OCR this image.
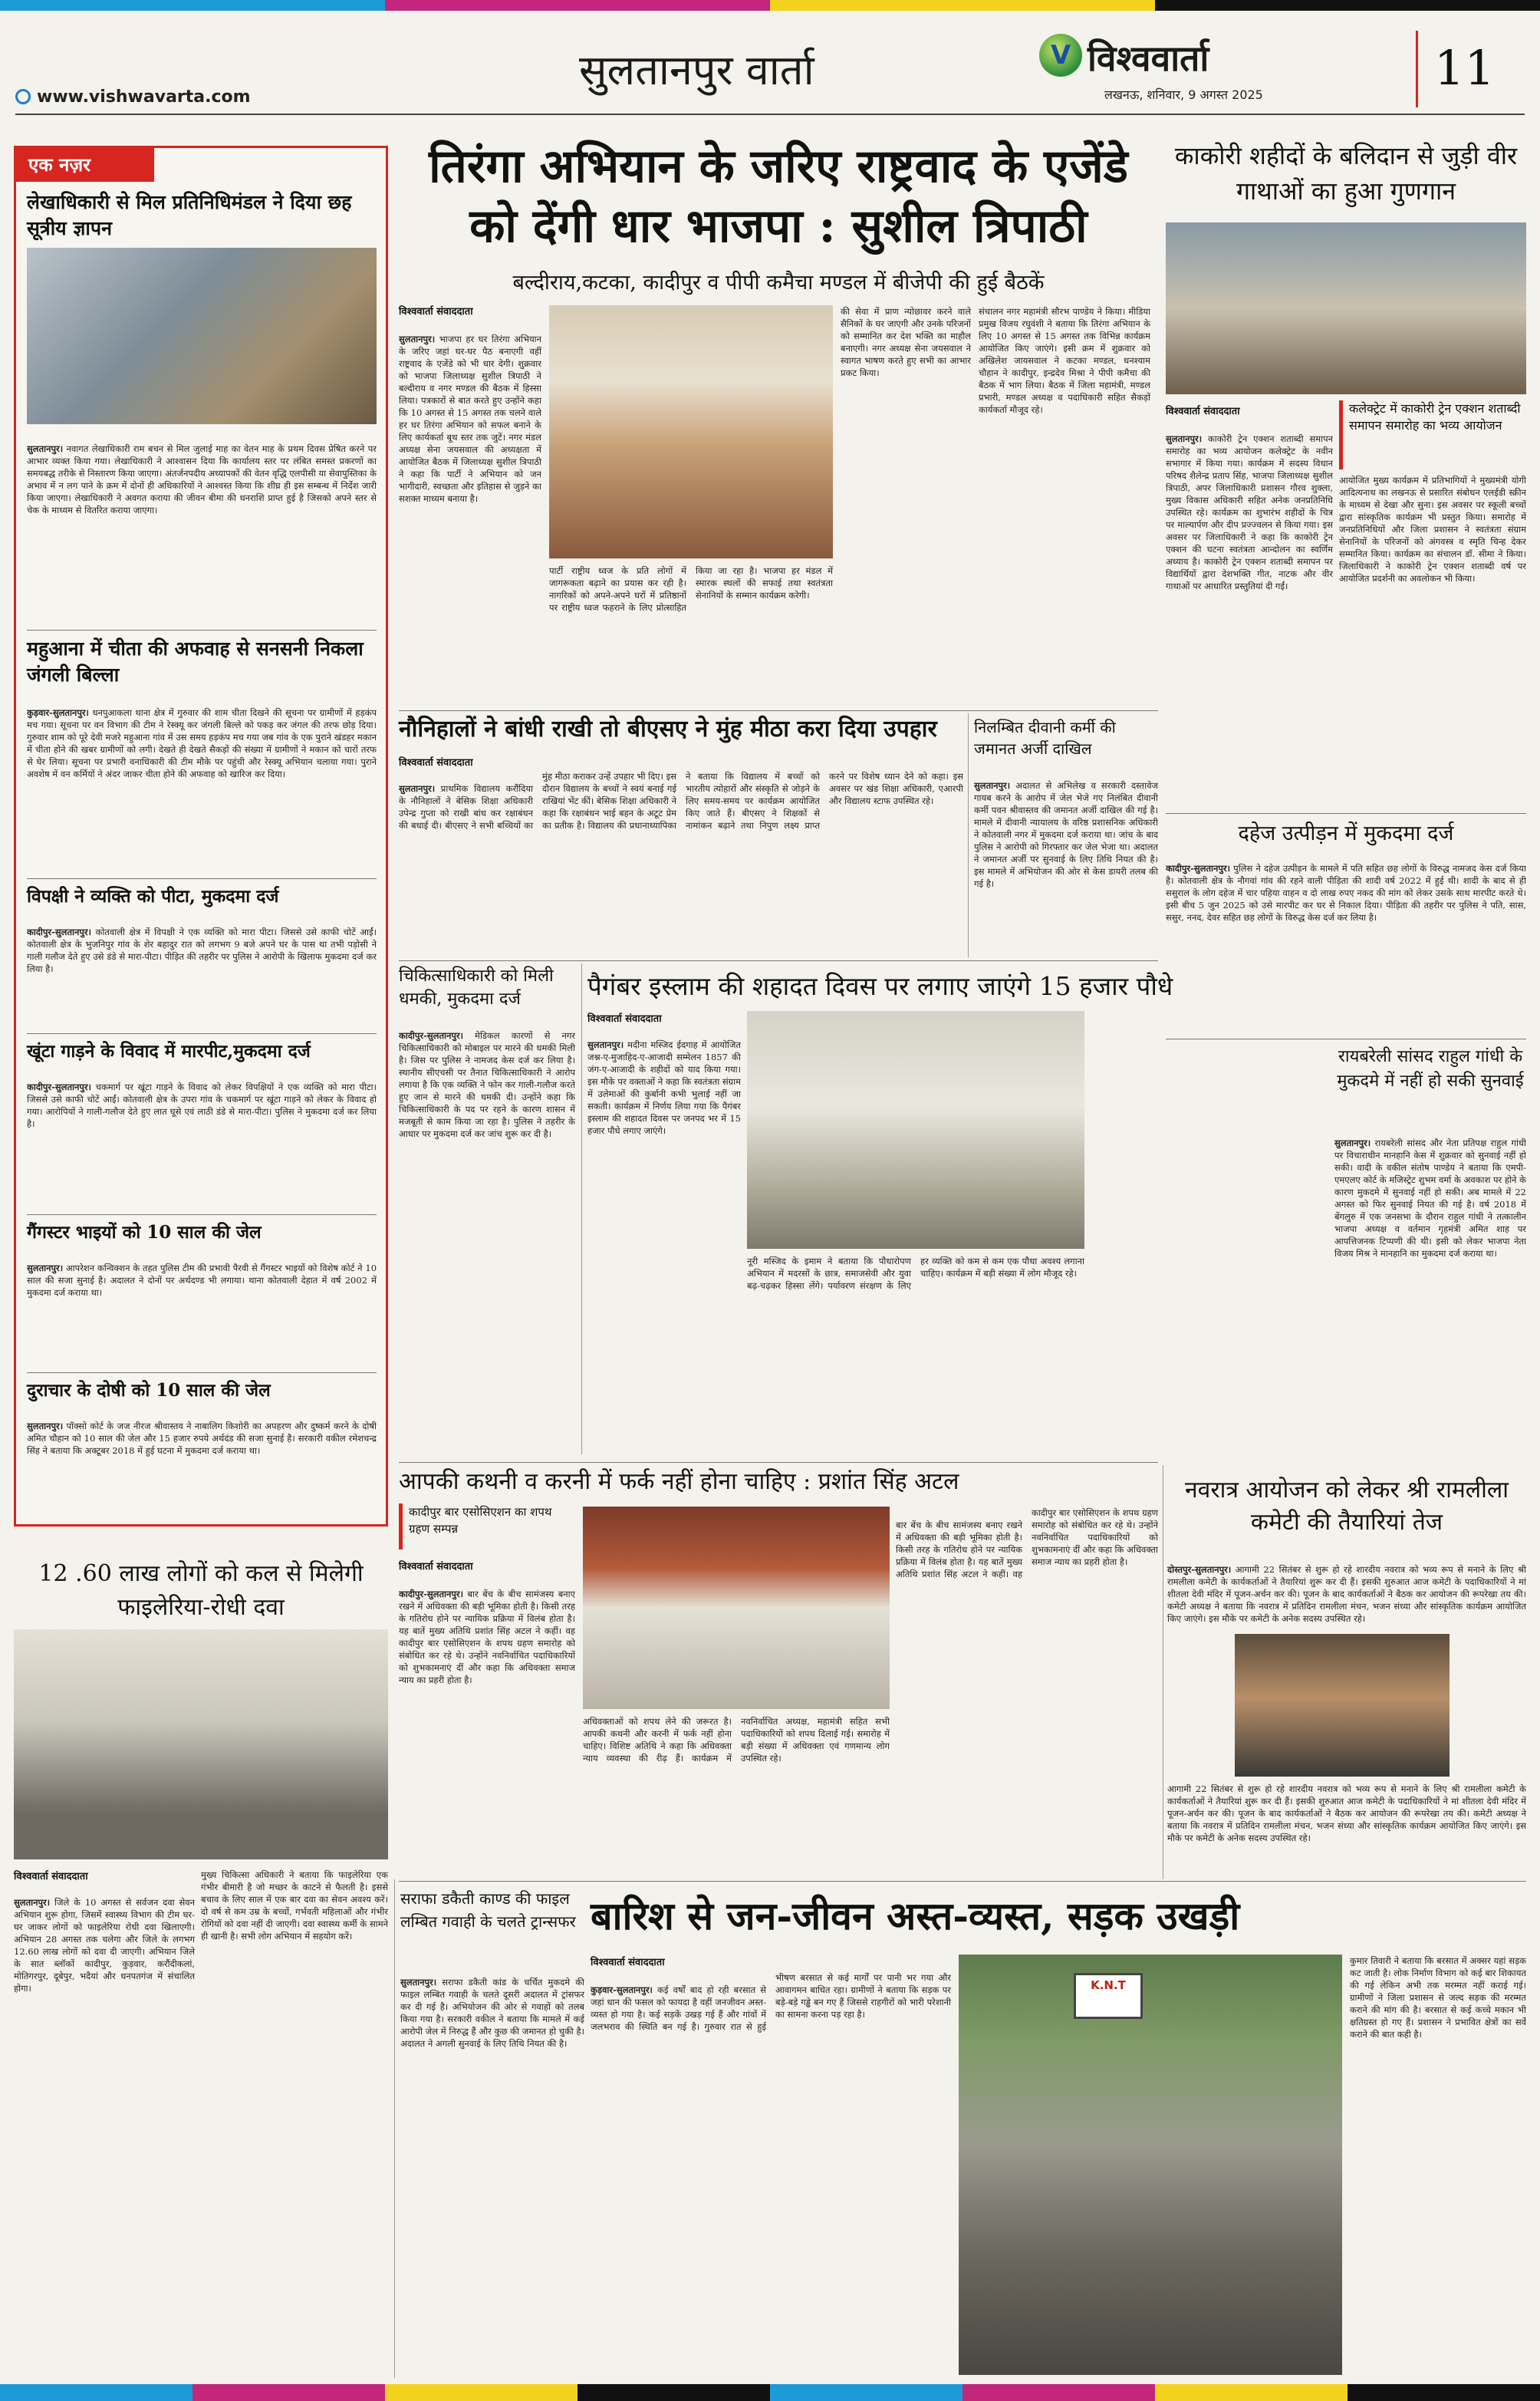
सुलतानपुर वार्ता	V विश्ववार्ता
लखनऊ, शनिवार, 9 अगस्त 2025	11
www.vishwavarta.com
एक नज़र
लेखाधिकारी से मिल प्रतिनिधिमंडल ने दिया छह सूत्रीय ज्ञापन

सुलतानपुर। नवागत लेखाधिकारी राम बचन से मिल जुलाई माह का वेतन माह के प्रथम दिवस प्रेषित करने पर आभार व्यक्त किया गया। लेखाधिकारी ने आश्वासन दिया कि कार्यालय स्तर पर लंबित समस्त प्रकरणों का समयबद्ध तरीके से निस्तारण किया जाएगा। अंतर्जनपदीय अध्यापकों की वेतन वृद्धि एलपीसी या सेवापुस्तिका के अभाव में न लग पाने के क्रम में दोनों ही अधिकारियों ने आश्वस्त किया कि शीघ्र ही इस सम्बन्ध में निर्देश जारी किया जाएगा। लेखाधिकारी ने अवगत कराया की जीवन बीमा की धनराशि प्राप्त हुई है जिसको अपने स्तर से चेक के माध्यम से वितरित कराया जाएगा।

महुआना में चीता की अफवाह से सनसनी निकला जंगली बिल्ला

कुड़वार-सुलतानपुर। धनपुआकला थाना क्षेत्र में गुरुवार की शाम चीता दिखने की सूचना पर ग्रामीणों में हड़कंप मच गया। सूचना पर वन विभाग की टीम ने रेस्क्यू कर जंगली बिल्ले को पकड़ कर जंगल की तरफ छोड़ दिया। गुरुवार शाम को पूरे देवी मजरे महुआना गांव में उस समय हड़कंप मच गया जब गांव के एक पुराने खंडहर मकान में चीता होने की खबर ग्रामीणों को लगी। देखते ही देखते सैकड़ों की संख्या में ग्रामीणों ने मकान को चारों तरफ से घेर लिया। सूचना पर प्रभारी वनाधिकारी की टीम मौके पर पहुंची और रेस्क्यू अभियान चलाया गया। पुराने अवशेष में वन कर्मियों ने अंदर जाकर चीता होने की अफवाह को खारिज कर दिया।

विपक्षी ने व्यक्ति को पीटा, मुकदमा दर्ज

कादीपुर-सुलतानपुर। कोतवाली क्षेत्र में विपक्षी ने एक व्यक्ति को मारा पीटा। जिससे उसे काफी चोटें आईं। कोतवाली क्षेत्र के भुजनिपुर गांव के शेर बहादुर रात को लगभग 9 बजे अपने घर के पास था तभी पड़ोसी ने गाली गलौज देते हुए उसे डंडे से मारा-पीटा। पीड़ित की तहरीर पर पुलिस ने आरोपी के खिलाफ मुकदमा दर्ज कर लिया है।

खूंटा गाड़ने के विवाद में मारपीट,मुकदमा दर्ज

कादीपुर-सुलतानपुर। चकमार्ग पर खूंटा गाड़ने के विवाद को लेकर विपक्षियों ने एक व्यक्ति को मारा पीटा। जिससे उसे काफी चोटें आईं। कोतवाली क्षेत्र के उपरा गांव के चकमार्ग पर खूंटा गाड़ने को लेकर के विवाद हो गया। आरोपियों ने गाली-गलौज देते हुए लात घूसे एवं लाठी डंडे से मारा-पीटा। पुलिस ने मुकदमा दर्ज कर लिया है।

गैंगस्टर भाइयों को 10 साल की जेल

सुलतानपुर। आपरेशन कन्विक्शन के तहत पुलिस टीम की प्रभावी पैरवी से गैंगस्टर भाइयों को विशेष कोर्ट ने 10 साल की सजा सुनाई है। अदालत ने दोनों पर अर्थदण्ड भी लगाया। थाना कोतवाली देहात में वर्ष 2002 में मुकदमा दर्ज कराया था।

दुराचार के दोषी को 10 साल की जेल

सुलतानपुर। पॉक्सो कोर्ट के जज नीरज श्रीवास्तव ने नाबालिग किशोरी का अपहरण और दुष्कर्म करने के दोषी अमित चौहान को 10 साल की जेल और 15 हजार रुपये अर्थदंड की सजा सुनाई है। सरकारी वकील रमेशचन्द्र सिंह ने बताया कि अक्टूबर 2018 में हुई घटना में मुकदमा दर्ज कराया था।

तिरंगा अभियान के जरिए राष्ट्रवाद के एजेंडे को देंगी धार भाजपा : सुशील त्रिपाठी
बल्दीराय,कटका, कादीपुर व पीपी कमैचा मण्डल में बीजेपी की हुई बैठकें
विश्ववार्ता संवाददाता

सुलतानपुर। भाजपा हर घर तिरंगा अभियान के जरिए जहां घर-घर पैठ बनाएगी वहीं राष्ट्रवाद के एजेंडे को भी धार देगी। शुक्रवार को भाजपा जिलाध्यक्ष सुशील त्रिपाठी ने बल्दीराय व नगर मण्डल की बैठक में हिस्सा लिया। पत्रकारों से बात करते हुए उन्होंने कहा कि 10 अगस्त से 15 अगस्त तक चलने वाले हर घर तिरंगा अभियान को सफल बनाने के लिए कार्यकर्ता बूथ स्तर तक जुटें। नगर मंडल अध्यक्ष सेना जयसवाल की अध्यक्षता में आयोजित बैठक में जिलाध्यक्ष सुशील त्रिपाठी ने कहा कि पार्टी ने अभियान को जन भागीदारी, स्वच्छता और इतिहास से जुड़ने का सशक्त माध्यम बनाया है।

पार्टी राष्ट्रीय ध्वज के प्रति लोगों में जागरूकता बढ़ाने का प्रयास कर रही है। नागरिकों को अपने-अपने घरों में प्रतिष्ठानों पर राष्ट्रीय ध्वज फहराने के लिए प्रोत्साहित किया जा रहा है। भाजपा हर मंडल में स्मारक स्थलों की सफाई तथा स्वतंत्रता सेनानियों के सम्मान कार्यक्रम करेगी।
की सेवा में प्राण न्योछावर करने वाले सैनिकों के घर जाएगी और उनके परिजनों को सम्मानित कर देश भक्ति का माहौल बनाएगी। नगर अध्यक्ष सेना जयसवाल ने स्वागत भाषण करते हुए सभी का आभार प्रकट किया।
संचालन नगर महामंत्री सौरभ पाण्डेय ने किया। मीडिया प्रमुख विजय रघुवंशी ने बताया कि तिरंगा अभियान के लिए 10 अगस्त से 15 अगस्त तक विभिन्न कार्यक्रम आयोजित किए जाएंगे। इसी क्रम में शुक्रवार को अखिलेश जायसवाल ने कटका मण्डल, धनश्याम चौहान ने कादीपुर, इन्द्रदेव मिश्रा ने पीपी कमैचा की बैठक में भाग लिया। बैठक में जिला महामंत्री, मण्डल प्रभारी, मण्डल अध्यक्ष व पदाधिकारी सहित सैकड़ों कार्यकर्ता मौजूद रहे।
काकोरी शहीदों के बलिदान से जुड़ी वीर गाथाओं का हुआ गुणगान
विश्ववार्ता संवाददाता	कलेक्ट्रेट में काकोरी ट्रेन एक्शन शताब्दी समापन समारोह का भव्य आयोजन

सुलतानपुर। काकोरी ट्रेन एक्शन शताब्दी समापन समारोह का भव्य आयोजन कलेक्ट्रेट के नवीन सभागार में किया गया। कार्यक्रम में सदस्य विधान परिषद शैलेन्द्र प्रताप सिंह, भाजपा जिलाध्यक्ष सुशील त्रिपाठी, अपर जिलाधिकारी प्रशासन गौरव शुक्ला, मुख्य विकास अधिकारी सहित अनेक जनप्रतिनिधि उपस्थित रहे। कार्यक्रम का शुभारंभ शहीदों के चित्र पर माल्यार्पण और दीप प्रज्ज्वलन से किया गया। इस अवसर पर जिलाधिकारी ने कहा कि काकोरी ट्रेन एक्शन की घटना स्वतंत्रता आन्दोलन का स्वर्णिम अध्याय है। काकोरी ट्रेन एक्शन शताब्दी समापन पर विद्यार्थियों द्वारा देशभक्ति गीत, नाटक और वीर गाथाओं पर आधारित प्रस्तुतियां दी गईं।

आयोजित मुख्य कार्यक्रम में प्रतिभागियों ने मुख्यमंत्री योगी आदित्यनाथ का लखनऊ से प्रसारित संबोधन एलईडी स्क्रीन के माध्यम से देखा और सुना। इस अवसर पर स्कूली बच्चों द्वारा सांस्कृतिक कार्यक्रम भी प्रस्तुत किया। समारोह में जनप्रतिनिधियों और जिला प्रशासन ने स्वतंत्रता संग्राम सेनानियों के परिजनों को अंगवस्त्र व स्मृति चिन्ह देकर सम्मानित किया। कार्यक्रम का संचालन डॉ. सीमा ने किया। जिलाधिकारी ने काकोरी ट्रेन एक्शन शताब्दी वर्ष पर आयोजित प्रदर्शनी का अवलोकन भी किया।
दहेज उत्पीड़न में मुकदमा दर्ज

कादीपुर-सुलतानपुर। पुलिस ने दहेज उत्पीड़न के मामले में पति सहित छह लोगों के विरुद्ध नामजद केस दर्ज किया है। कोतवाली क्षेत्र के नौगवां गांव की रहने वाली पीड़िता की शादी वर्ष 2022 में हुई थी। शादी के बाद से ही ससुराल के लोग दहेज में चार पहिया वाहन व दो लाख रुपए नकद की मांग को लेकर उसके साथ मारपीट करते थे। इसी बीच 5 जुन 2025 को उसे मारपीट कर घर से निकाल दिया। पीड़िता की तहरीर पर पुलिस ने पति, सास, ससुर, ननद, देवर सहित छह लोगों के विरुद्ध केस दर्ज कर लिया है।

रायबरेली सांसद राहुल गांधी के मुकदमे में नहीं हो सकी सुनवाई

सुलतानपुर। रायबरेली सांसद और नेता प्रतिपक्ष राहुल गांधी पर विचाराधीन मानहानि केस में शुक्रवार को सुनवाई नहीं हो सकी। वादी के वकील संतोष पाण्डेय ने बताया कि एमपी-एमएलए कोर्ट के मजिस्ट्रेट शुभम वर्मा के अवकाश पर होने के कारण मुकदमे में सुनवाई नहीं हो सकी। अब मामले में 22 अगस्त को फिर सुनवाई नियत की गई है। वर्ष 2018 में बेंगलुरु में एक जनसभा के दौरान राहुल गांधी ने तत्कालीन भाजपा अध्यक्ष व वर्तमान गृहमंत्री अमित शाह पर आपत्तिजनक टिप्पणी की थी। इसी को लेकर भाजपा नेता विजय मिश्र ने मानहानि का मुकदमा दर्ज कराया था।

नौनिहालों ने बांधी राखी तो बीएसए ने मुंह मीठा करा दिया उपहार
विश्ववार्ता संवाददाता

सुलतानपुर। प्राथमिक विद्यालय करौंदिया के नौनिहालों ने बेसिक शिक्षा अधिकारी उपेन्द्र गुप्ता को राखी बांध कर रक्षाबंधन की बधाई दी। बीएसए ने सभी बच्चियों का मुंह मीठा कराकर उन्हें उपहार भी दिए। इस दौरान विद्यालय के बच्चों ने स्वयं बनाई गई राखियां भेंट कीं। बेसिक शिक्षा अधिकारी ने कहा कि रक्षाबंधन भाई बहन के अटूट प्रेम का प्रतीक है। विद्यालय की प्रधानाध्यापिका ने बताया कि विद्यालय में बच्चों को भारतीय त्योहारों और संस्कृति से जोड़ने के लिए समय-समय पर कार्यक्रम आयोजित किए जाते हैं। बीएसए ने शिक्षकों से नामांकन बढ़ाने तथा निपुण लक्ष्य प्राप्त करने पर विशेष ध्यान देने को कहा। इस अवसर पर खंड शिक्षा अधिकारी, एआरपी और विद्यालय स्टाफ उपस्थित रहे।

निलम्बित दीवानी कर्मी की जमानत अर्जी दाखिल

सुलतानपुर। अदालत से अभिलेख व सरकारी दस्तावेज गायब करने के आरोप में जेल भेजे गए निलंबित दीवानी कर्मी पवन श्रीवास्तव की जमानत अर्जी दाखिल की गई है। मामले में दीवानी न्यायालय के वरिष्ठ प्रशासनिक अधिकारी ने कोतवाली नगर में मुकदमा दर्ज कराया था। जांच के बाद पुलिस ने आरोपी को गिरफ्तार कर जेल भेजा था। अदालत ने जमानत अर्जी पर सुनवाई के लिए तिथि नियत की है। इस मामले में अभियोजन की ओर से केस डायरी तलब की गई है।

चिकित्साधिकारी को मिली धमकी, मुकदमा दर्ज

कादीपुर-सुलतानपुर। मेडिकल कारणों से नगर चिकित्साधिकारी को मोबाइल पर मारने की धमकी मिली है। जिस पर पुलिस ने नामजद केस दर्ज कर लिया है। स्थानीय सीएचसी पर तैनात चिकित्साधिकारी ने आरोप लगाया है कि एक व्यक्ति ने फोन कर गाली-गलौज करते हुए जान से मारने की धमकी दी। उन्होंने कहा कि चिकित्साधिकारी के पद पर रहने के कारण शासन में मजबूती से काम किया जा रहा है। पुलिस ने तहरीर के आधार पर मुकदमा दर्ज कर जांच शुरू कर दी है।

पैगंबर इस्लाम की शहादत दिवस पर लगाए जाएंगे 15 हजार पौधे
विश्ववार्ता संवाददाता

सुलतानपुर। मदीना मस्जिद ईदगाह में आयोजित जश्न-ए-मुजाहिद-ए-आजादी सम्मेलन 1857 की जंग-ए-आजादी के शहीदों को याद किया गया। इस मौके पर वक्ताओं ने कहा कि स्वतंत्रता संग्राम में उलेमाओं की कुर्बानी कभी भुलाई नहीं जा सकती। कार्यक्रम में निर्णय लिया गया कि पैगंबर इस्लाम की शहादत दिवस पर जनपद भर में 15 हजार पौधे लगाए जाएंगे।

नूरी मस्जिद के इमाम ने बताया कि पौधारोपण अभियान में मदरसों के छात्र, समाजसेवी और युवा बढ़-चढ़कर हिस्सा लेंगे। पर्यावरण संरक्षण के लिए हर व्यक्ति को कम से कम एक पौधा अवश्य लगाना चाहिए। कार्यक्रम में बड़ी संख्या में लोग मौजूद रहे।
आपकी कथनी व करनी में फर्क नहीं होना चाहिए : प्रशांत सिंह अटल
कादीपुर बार एसोसिएशन का शपथ ग्रहण सम्पन्न
विश्ववार्ता संवाददाता

कादीपुर-सुलतानपुर। बार बेंच के बीच सामंजस्य बनाए रखने में अधिवक्ता की बड़ी भूमिका होती है। किसी तरह के गतिरोध होने पर न्यायिक प्रक्रिया में विलंब होता है। यह बातें मुख्य अतिथि प्रशांत सिंह अटल ने कहीं। वह कादीपुर बार एसोसिएशन के शपथ ग्रहण समारोह को संबोधित कर रहे थे। उन्होंने नवनिर्वाचित पदाधिकारियों को शुभकामनाएं दीं और कहा कि अधिवक्ता समाज न्याय का प्रहरी होता है।

अधिवक्ताओं को शपथ लेने की जरूरत है। आपकी कथनी और करनी में फर्क नहीं होना चाहिए। विशिष्ट अतिथि ने कहा कि अधिवक्ता न्याय व्यवस्था की रीढ़ हैं। कार्यक्रम में नवनिर्वाचित अध्यक्ष, महामंत्री सहित सभी पदाधिकारियों को शपथ दिलाई गई। समारोह में बड़ी संख्या में अधिवक्ता एवं गणमान्य लोग उपस्थित रहे।

बार बेंच के बीच सामंजस्य बनाए रखने में अधिवक्ता की बड़ी भूमिका होती है। किसी तरह के गतिरोध होने पर न्यायिक प्रक्रिया में विलंब होता है। यह बातें मुख्य अतिथि प्रशांत सिंह अटल ने कहीं। वह कादीपुर बार एसोसिएशन के शपथ ग्रहण समारोह को संबोधित कर रहे थे। उन्होंने नवनिर्वाचित पदाधिकारियों को शुभकामनाएं दीं और कहा कि अधिवक्ता समाज न्याय का प्रहरी होता है।

नवरात्र आयोजन को लेकर श्री रामलीला कमेटी की तैयारियां तेज

दोस्तपुर-सुलतानपुर। आगामी 22 सितंबर से शुरू हो रहे शारदीय नवरात्र को भव्य रूप से मनाने के लिए श्री रामलीला कमेटी के कार्यकर्ताओं ने तैयारियां शुरू कर दी हैं। इसकी शुरुआत आज कमेटी के पदाधिकारियों ने मां शीतला देवी मंदिर में पूजन-अर्चन कर की। पूजन के बाद कार्यकर्ताओं ने बैठक कर आयोजन की रूपरेखा तय की। कमेटी अध्यक्ष ने बताया कि नवरात्र में प्रतिदिन रामलीला मंचन, भजन संध्या और सांस्कृतिक कार्यक्रम आयोजित किए जाएंगे। इस मौके पर कमेटी के अनेक सदस्य उपस्थित रहे।

आगामी 22 सितंबर से शुरू हो रहे शारदीय नवरात्र को भव्य रूप से मनाने के लिए श्री रामलीला कमेटी के कार्यकर्ताओं ने तैयारियां शुरू कर दी हैं। इसकी शुरुआत आज कमेटी के पदाधिकारियों ने मां शीतला देवी मंदिर में पूजन-अर्चन कर की। पूजन के बाद कार्यकर्ताओं ने बैठक कर आयोजन की रूपरेखा तय की। कमेटी अध्यक्ष ने बताया कि नवरात्र में प्रतिदिन रामलीला मंचन, भजन संध्या और सांस्कृतिक कार्यक्रम आयोजित किए जाएंगे। इस मौके पर कमेटी के अनेक सदस्य उपस्थित रहे।
12 .60 लाख लोगों को कल से मिलेगी फाइलेरिया-रोधी दवा
विश्ववार्ता संवाददाता

सुलतानपुर। जिले के 10 अगस्त से सर्वजन दवा सेवन अभियान शुरू होगा, जिसमें स्वास्थ्य विभाग की टीम घर-घर जाकर लोगों को फाइलेरिया रोधी दवा खिलाएगी। अभियान 28 अगस्त तक चलेगा और जिले के लगभग 12.60 लाख लोगों को दवा दी जाएगी। अभियान जिले के सात ब्लॉकों कादीपुर, कुड़वार, करौंदीकलां, मोतिगरपुर, दूबेपुर, भदैयां और धनपतगंज में संचालित होगा।

मुख्य चिकित्सा अधिकारी ने बताया कि फाइलेरिया एक गंभीर बीमारी है जो मच्छर के काटने से फैलती है। इससे बचाव के लिए साल में एक बार दवा का सेवन अवश्य करें। दो वर्ष से कम उम्र के बच्चों, गर्भवती महिलाओं और गंभीर रोगियों को दवा नहीं दी जाएगी। दवा स्वास्थ्य कर्मी के सामने ही खानी है। सभी लोग अभियान में सहयोग करें।
सराफा डकैती काण्ड की फाइल लम्बित गवाही के चलते ट्रान्सफर

सुलतानपुर। सराफा डकैती कांड के चर्चित मुकदमे की फाइल लम्बित गवाही के चलते दूसरी अदालत में ट्रांसफर कर दी गई है। अभियोजन की ओर से गवाहों को तलब किया गया है। सरकारी वकील ने बताया कि मामले में कई आरोपी जेल में निरुद्ध हैं और कुछ की जमानत हो चुकी है। अदालत ने अगली सुनवाई के लिए तिथि नियत की है।

बारिश से जन-जीवन अस्त-व्यस्त, सड़क उखड़ी
विश्ववार्ता संवाददाता

कुड़वार-सुलतानपुर। कई वर्षों बाद हो रही बरसात से जहां धान की फसल को फायदा है वहीं जनजीवन अस्त-व्यस्त हो गया है। कई सड़कें उखड़ गई हैं और गांवों में जलभराव की स्थिति बन गई है। गुरुवार रात से हुई भीषण बरसात से कई मार्गों पर पानी भर गया और आवागमन बाधित रहा। ग्रामीणों ने बताया कि सड़क पर बड़े-बड़े गड्ढे बन गए हैं जिससे राहगीरों को भारी परेशानी का सामना करना पड़ रहा है।

K.N.T
कुमार तिवारी ने बताया कि बरसात में अक्सर यहां सड़क कट जाती है। लोक निर्माण विभाग को कई बार शिकायत की गई लेकिन अभी तक मरम्मत नहीं कराई गई। ग्रामीणों ने जिला प्रशासन से जल्द सड़क की मरम्मत कराने की मांग की है। बरसात से कई कच्चे मकान भी क्षतिग्रस्त हो गए हैं। प्रशासन ने प्रभावित क्षेत्रों का सर्वे कराने की बात कही है।
